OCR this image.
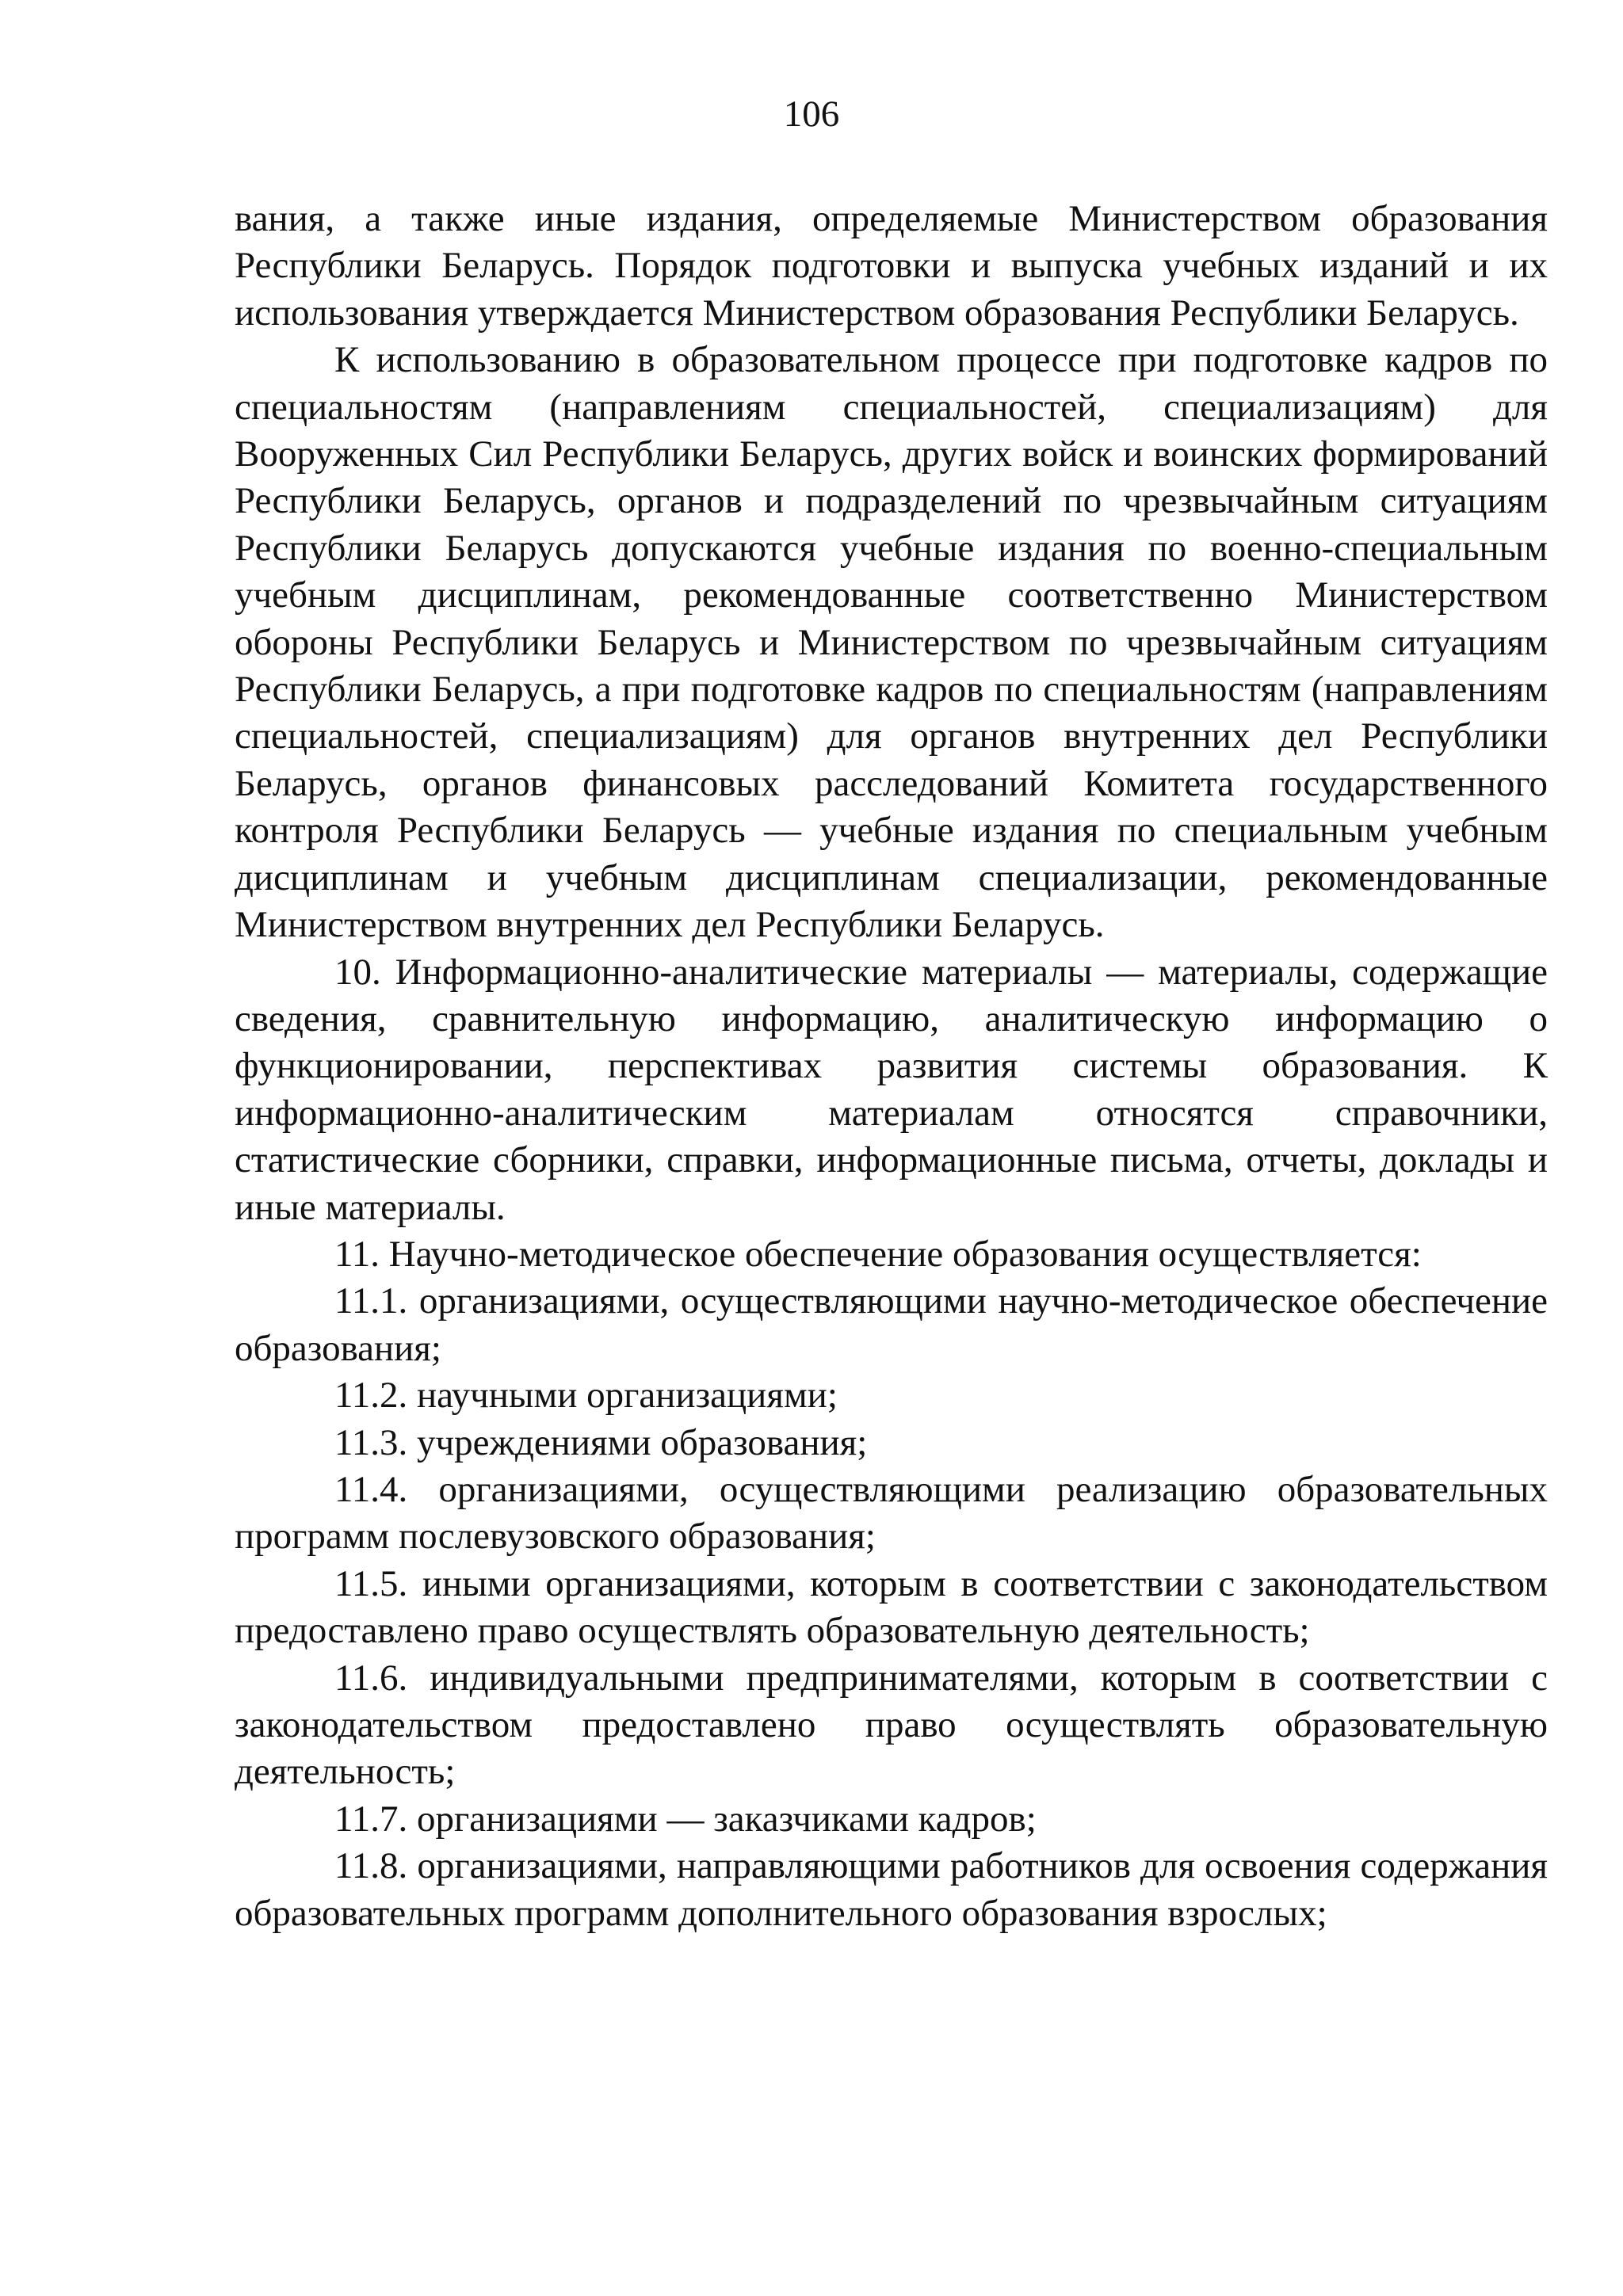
106

вания, а также иные издания, определяемые Министерством образования Республики Беларусь. Порядок подготовки и выпуска учебных изданий и их использования утверждается Министерством образования Республики Беларусь.

К использованию в образовательном процессе при подготовке кадров по специальностям (направлениям специальностей, специализациям) для Вооруженных Сил Республики Беларусь, других войск и воинских формирований Республики Беларусь, органов и подразделений по чрезвычайным ситуациям Республики Беларусь допускаются учебные издания по военно-специальным учебным дисциплинам, рекомендованные соответственно Министерством обороны Республики Беларусь и Министерством по чрезвычайным ситуациям Республики Беларусь, а при подготовке кадров по специальностям (направлениям специальностей, специализациям) для органов внутренних дел Республики Беларусь, органов финансовых расследований Комитета государственного контроля Республики Беларусь — учебные издания по специальным учебным дисциплинам и учебным дисциплинам специализации, рекомендованные Министерством внутренних дел Республики Беларусь.

10. Информационно-аналитические материалы — материалы, содержащие сведения, сравнительную информацию, аналитическую информацию о функционировании, перспективах развития системы образования. К информационно-аналитическим материалам относятся справочники, статистические сборники, справки, информационные письма, отчеты, доклады и иные материалы.

11. Научно-методическое обеспечение образования осуществляется:

11.1. организациями, осуществляющими научно-методическое обеспечение образования;

11.2. научными организациями;

11.3. учреждениями образования;

11.4. организациями, осуществляющими реализацию образовательных программ послевузовского образования;

11.5. иными организациями, которым в соответствии с законодательством предоставлено право осуществлять образовательную деятельность;

11.6. индивидуальными предпринимателями, которым в соответствии с законодательством предоставлено право осуществлять образовательную деятельность;

11.7. организациями — заказчиками кадров;

11.8. организациями, направляющими работников для освоения содержания образовательных программ дополнительного образования взрослых;
